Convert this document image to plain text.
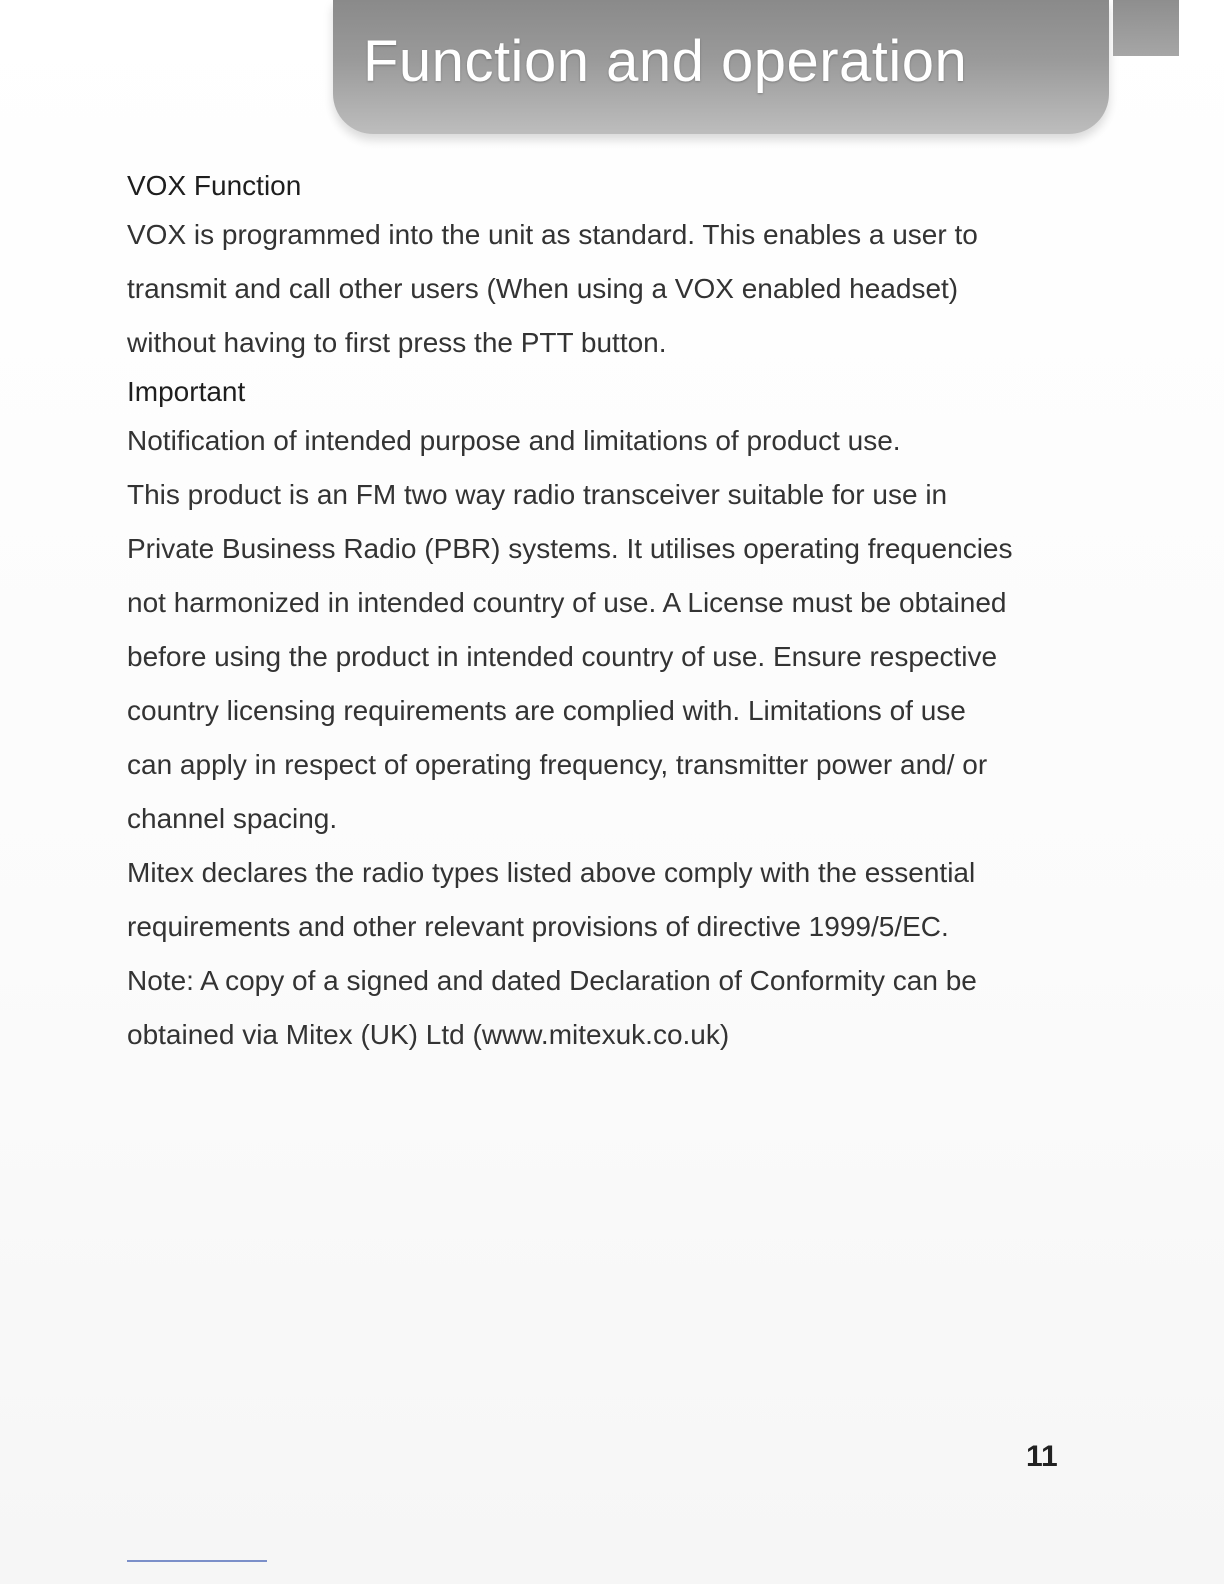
Function and operation

VOX Function

VOX is programmed into the unit as standard. This enables a user to

transmit and call other users (When using a VOX enabled headset)

without having to first press the PTT button.

Important

Notification of intended purpose and limitations of product use.

This product is an FM two way radio transceiver suitable for use in

Private Business Radio (PBR) systems. It utilises operating frequencies

not harmonized in intended country of use. A License must be obtained

before using the product in intended country of use. Ensure respective

country licensing requirements are complied with. Limitations of use

can apply in respect of operating frequency, transmitter power and/ or

channel spacing.

Mitex declares the radio types listed above comply with the essential

requirements and other relevant provisions of directive 1999/5/EC.

Note: A copy of a signed and dated Declaration of Conformity can be

obtained via Mitex (UK) Ltd (www.mitexuk.co.uk)

11
